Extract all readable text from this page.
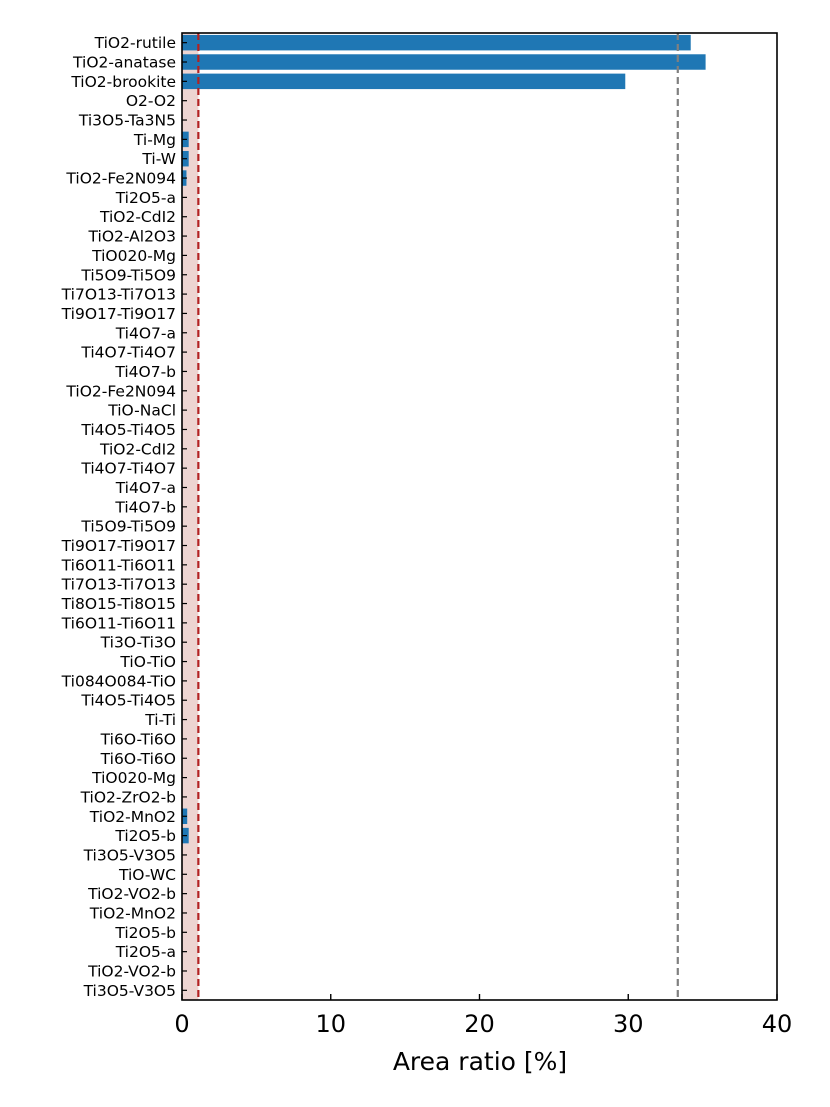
TiO2-rutile
TiO2-anatase
TiO2-brookite
O2-O2
Ti3O5-Ta3N5
Ti-Mg
Ti-W
TiO2-Fe2N094
Ti2O5-a
TiO2-CdI2
TiO2-Al2O3
TiO020-Mg
Ti5O9-Ti5O9
Ti7O13-Ti7O13
Ti9O17-Ti9O17
Ti4O7-a
Ti4O7-Ti4O7
Ti4O7-b
TiO2-Fe2N094
TiO-NaCl
Ti4O5-Ti4O5
TiO2-CdI2
Ti4O7-Ti4O7
Ti4O7-a
Ti4O7-b
Ti5O9-Ti5O9
Ti9O17-Ti9O17
Ti6O11-Ti6O11
Ti7O13-Ti7O13
Ti8O15-Ti8O15
Ti6O11-Ti6O11
Ti3O-Ti3O
TiO-TiO
Ti084O084-TiO
Ti4O5-Ti4O5
Ti-Ti
Ti6O-Ti6O
Ti6O-Ti6O
TiO020-Mg
TiO2-ZrO2-b
TiO2-MnO2
Ti2O5-b
Ti3O5-V3O5
TiO-WC
TiO2-VO2-b
TiO2-MnO2
Ti2O5-b
Ti2O5-a
TiO2-VO2-b
Ti3O5-V3O5
0	10	20	30	40
Area ratio [%]
